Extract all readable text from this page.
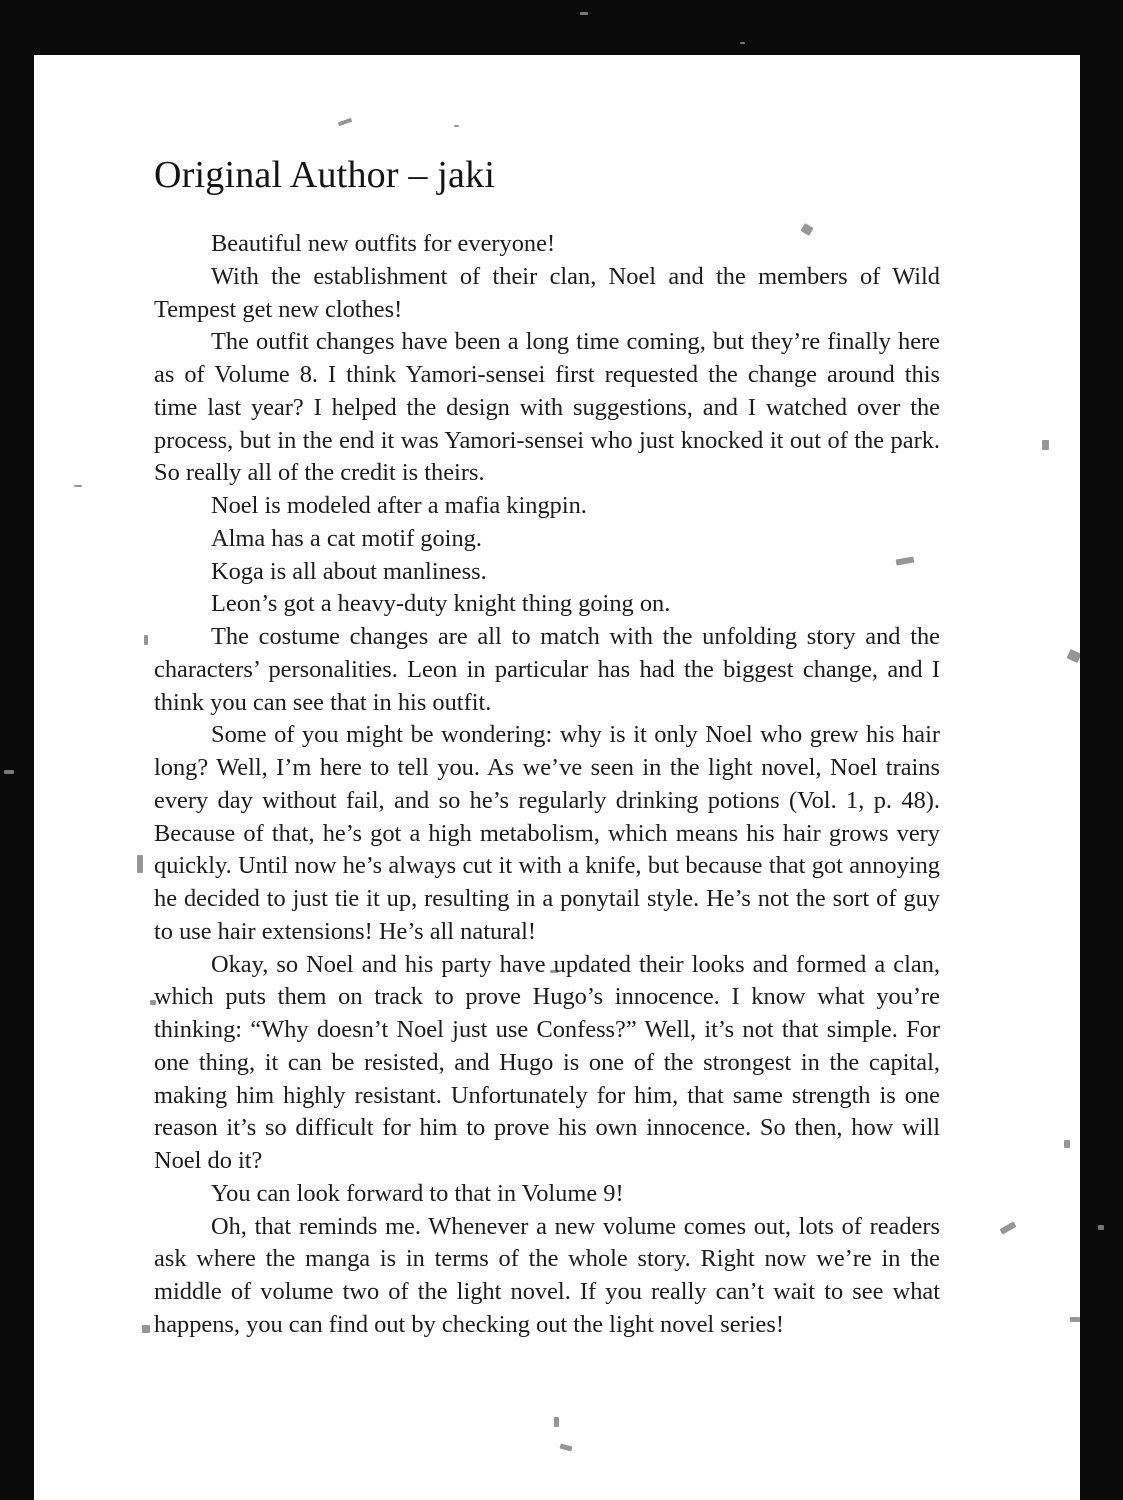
Original Author – jaki

Beautiful new outfits for everyone!

With the establishment of their clan, Noel and the members of Wild Tempest get new clothes!

The outfit changes have been a long time coming, but they’re finally here as of Volume 8. I think Yamori-sensei first requested the change around this time last year? I helped the design with suggestions, and I watched over the process, but in the end it was Yamori-sensei who just knocked it out of the park. So really all of the credit is theirs.

Noel is modeled after a mafia kingpin.

Alma has a cat motif going.

Koga is all about manliness.

Leon’s got a heavy-duty knight thing going on.

The costume changes are all to match with the unfolding story and the characters’ personalities. Leon in particular has had the biggest change, and I think you can see that in his outfit.

Some of you might be wondering: why is it only Noel who grew his hair long? Well, I’m here to tell you. As we’ve seen in the light novel, Noel trains every day without fail, and so he’s regularly drinking potions (Vol. 1, p. 48). Because of that, he’s got a high metabolism, which means his hair grows very quickly. Until now he’s always cut it with a knife, but because that got annoying he decided to just tie it up, resulting in a ponytail style. He’s not the sort of guy to use hair extensions! He’s all natural!

Okay, so Noel and his party have updated their looks and formed a clan, which puts them on track to prove Hugo’s innocence. I know what you’re thinking: “Why doesn’t Noel just use Confess?” Well, it’s not that simple. For one thing, it can be resisted, and Hugo is one of the strongest in the capital, making him highly resistant. Unfortunately for him, that same strength is one reason it’s so difficult for him to prove his own innocence. So then, how will Noel do it?

You can look forward to that in Volume 9!

Oh, that reminds me. Whenever a new volume comes out, lots of readers ask where the manga is in terms of the whole story. Right now we’re in the middle of volume two of the light novel. If you really can’t wait to see what happens, you can find out by checking out the light novel series!
